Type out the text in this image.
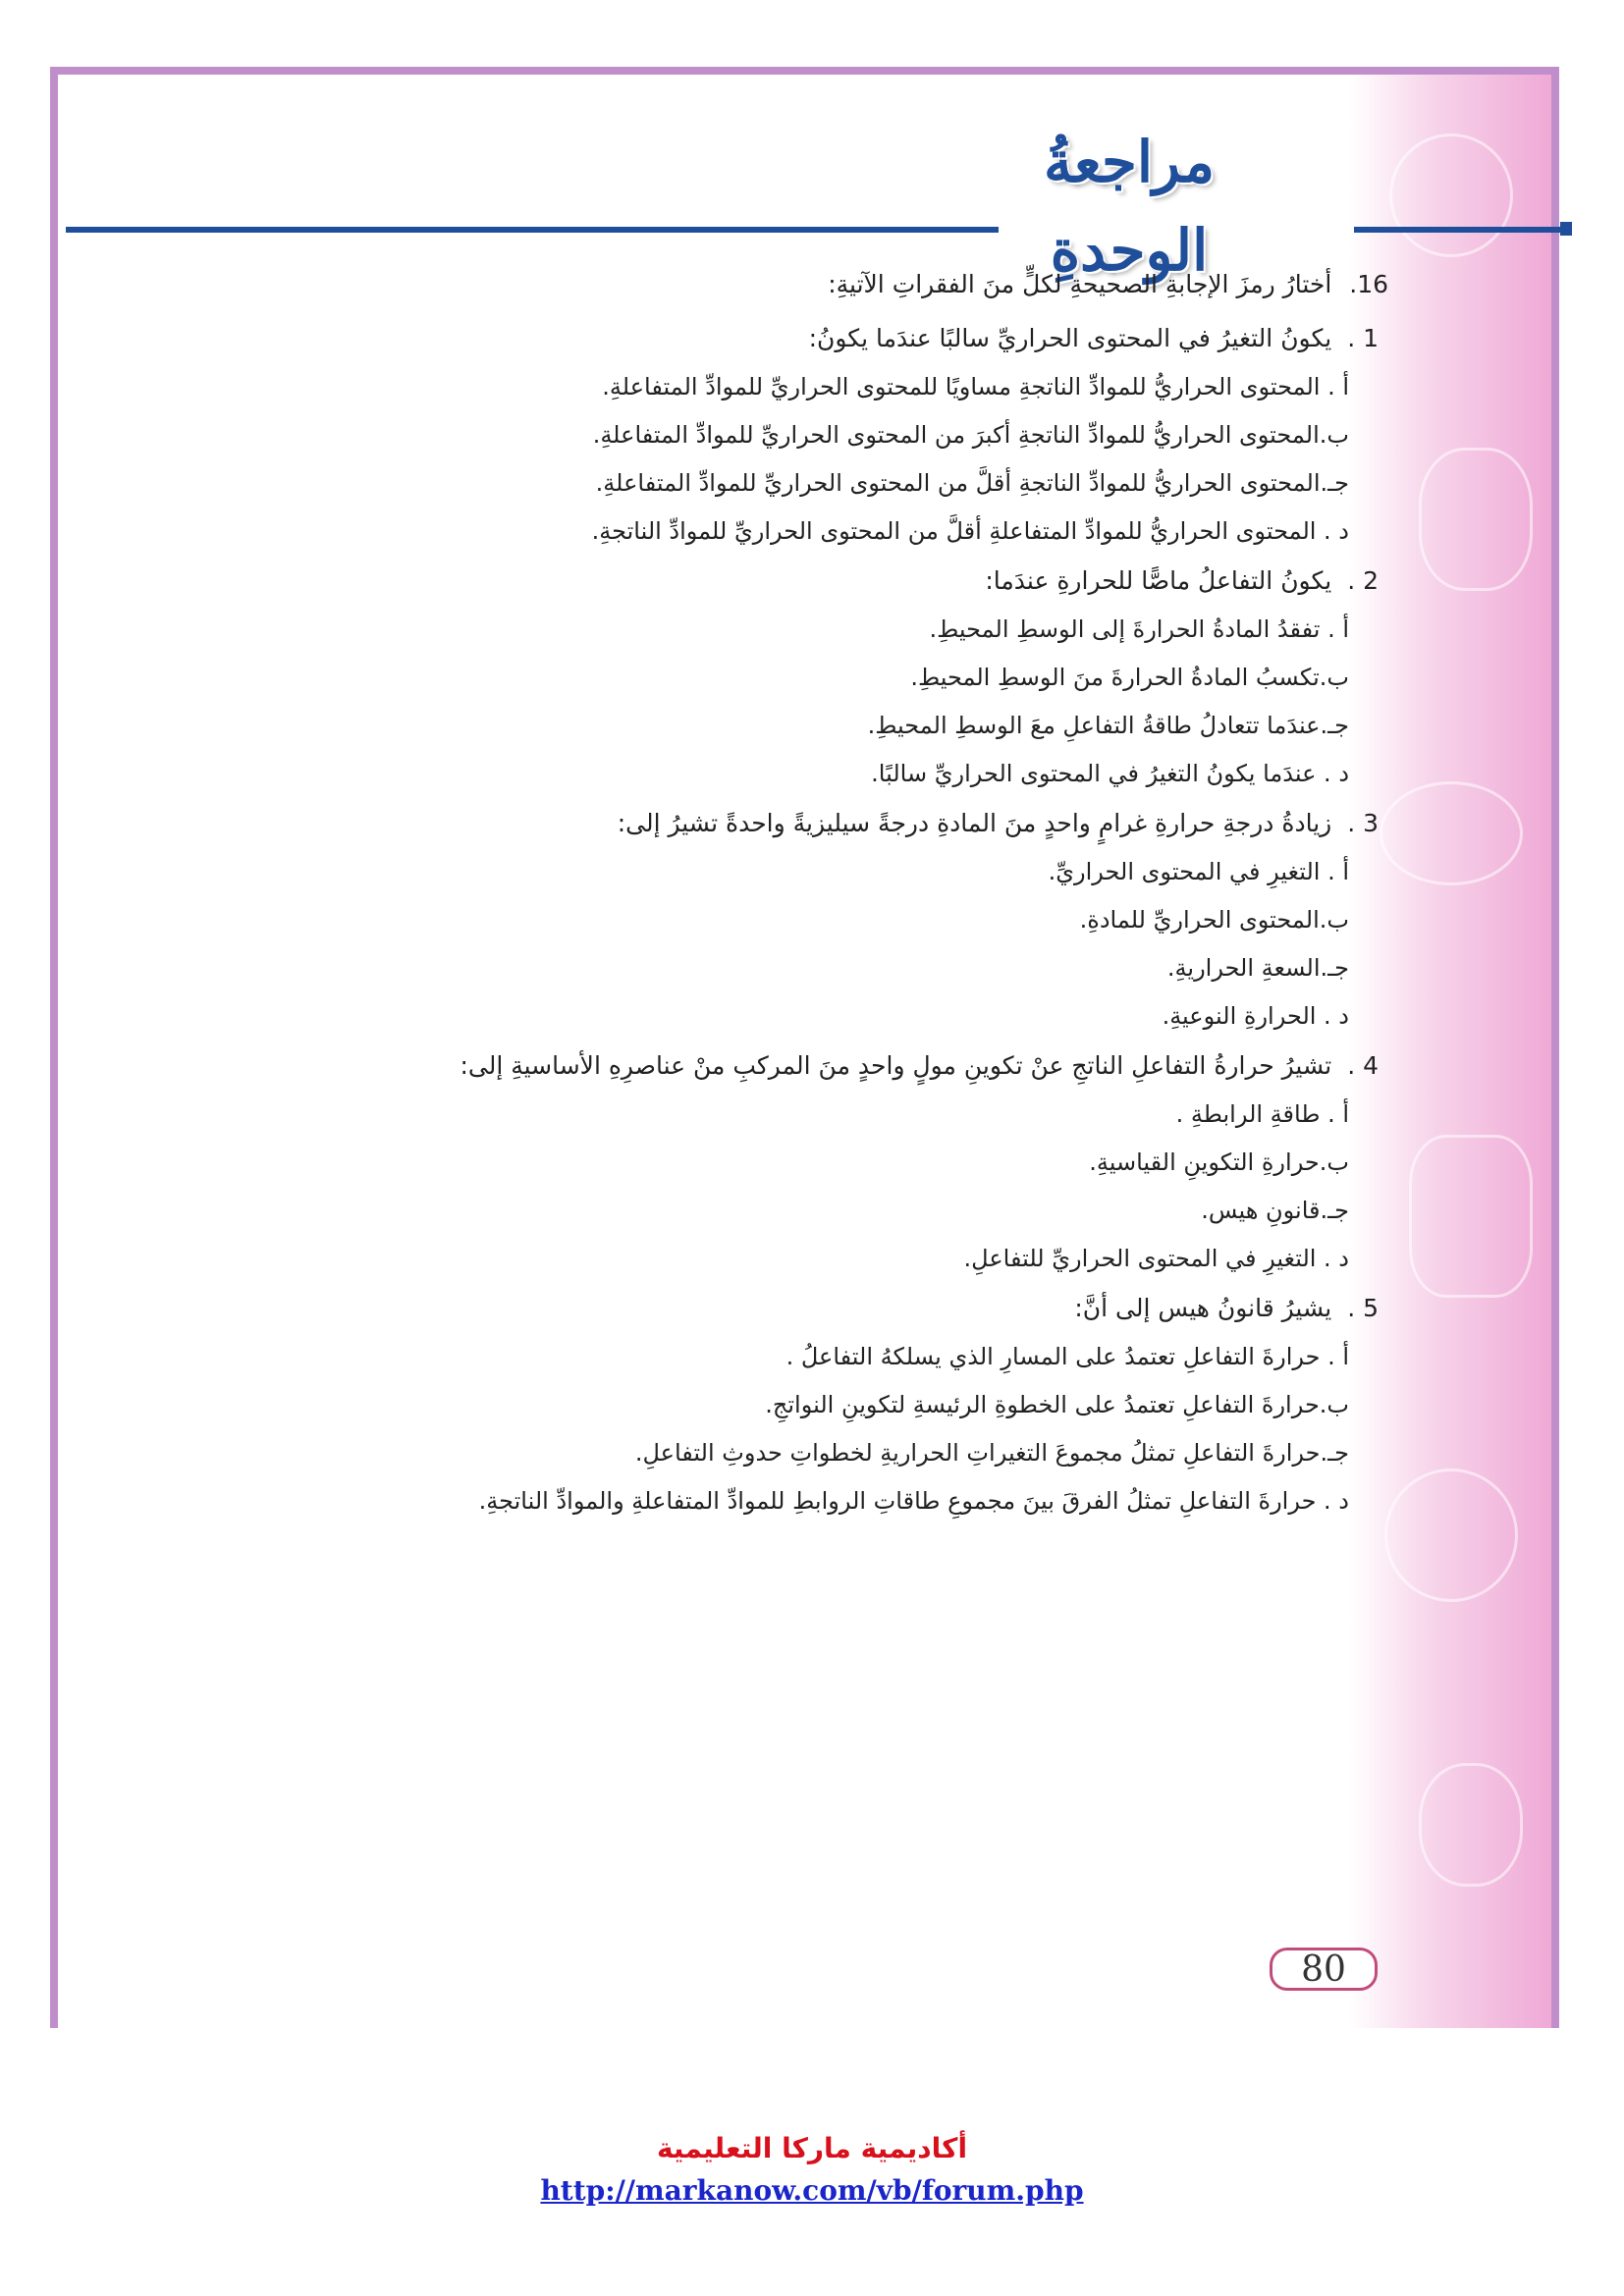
مراجعةُ الوحدةِ
16. أختارُ رمزَ الإجابةِ الصحيحةِ لكلٍّ منَ الفقراتِ الآتيةِ:
1 . يكونُ التغيرُ في المحتوى الحراريِّ سالبًا عندَما يكونُ:
أ . المحتوى الحراريُّ للموادِّ الناتجةِ مساويًا للمحتوى الحراريِّ للموادِّ المتفاعلةِ.
ب.المحتوى الحراريُّ للموادِّ الناتجةِ أكبرَ من المحتوى الحراريِّ للموادِّ المتفاعلةِ.
جـ.المحتوى الحراريُّ للموادِّ الناتجةِ أقلَّ من المحتوى الحراريِّ للموادِّ المتفاعلةِ.
د . المحتوى الحراريُّ للموادِّ المتفاعلةِ أقلَّ من المحتوى الحراريِّ للموادِّ الناتجةِ.
2 . يكونُ التفاعلُ ماصًّا للحرارةِ عندَما:
أ . تفقدُ المادةُ الحرارةَ إلى الوسطِ المحيطِ.
ب.تكسبُ المادةُ الحرارةَ منَ الوسطِ المحيطِ.
جـ.عندَما تتعادلُ طاقةُ التفاعلِ معَ الوسطِ المحيطِ.
د . عندَما يكونُ التغيرُ في المحتوى الحراريِّ سالبًا.
3 . زيادةُ درجةِ حرارةِ غرامٍ واحدٍ منَ المادةِ درجةً سيليزيةً واحدةً تشيرُ إلى:
أ . التغيرِ في المحتوى الحراريِّ.
ب.المحتوى الحراريِّ للمادةِ.
جـ.السعةِ الحراريةِ.
د . الحرارةِ النوعيةِ.
4 . تشيرُ حرارةُ التفاعلِ الناتجِ عنْ تكوينِ مولٍ واحدٍ منَ المركبِ منْ عناصرِهِ الأساسيةِ إلى:
أ . طاقةِ الرابطةِ .
ب.حرارةِ التكوينِ القياسيةِ.
جـ.قانونِ هيس.
د . التغيرِ في المحتوى الحراريِّ للتفاعلِ.
5 . يشيرُ قانونُ هيس إلى أنَّ:
أ . حرارةَ التفاعلِ تعتمدُ على المسارِ الذي يسلكهُ التفاعلُ .
ب.حرارةَ التفاعلِ تعتمدُ على الخطوةِ الرئيسةِ لتكوينِ النواتجِ.
جـ.حرارةَ التفاعلِ تمثلُ مجموعَ التغيراتِ الحراريةِ لخطواتِ حدوثِ التفاعلِ.
د . حرارةَ التفاعلِ تمثلُ الفرقَ بينَ مجموعِ طاقاتِ الروابطِ للموادِّ المتفاعلةِ والموادِّ الناتجةِ.
80
أكاديمية ماركا التعليمية
http://markanow.com/vb/forum.php
